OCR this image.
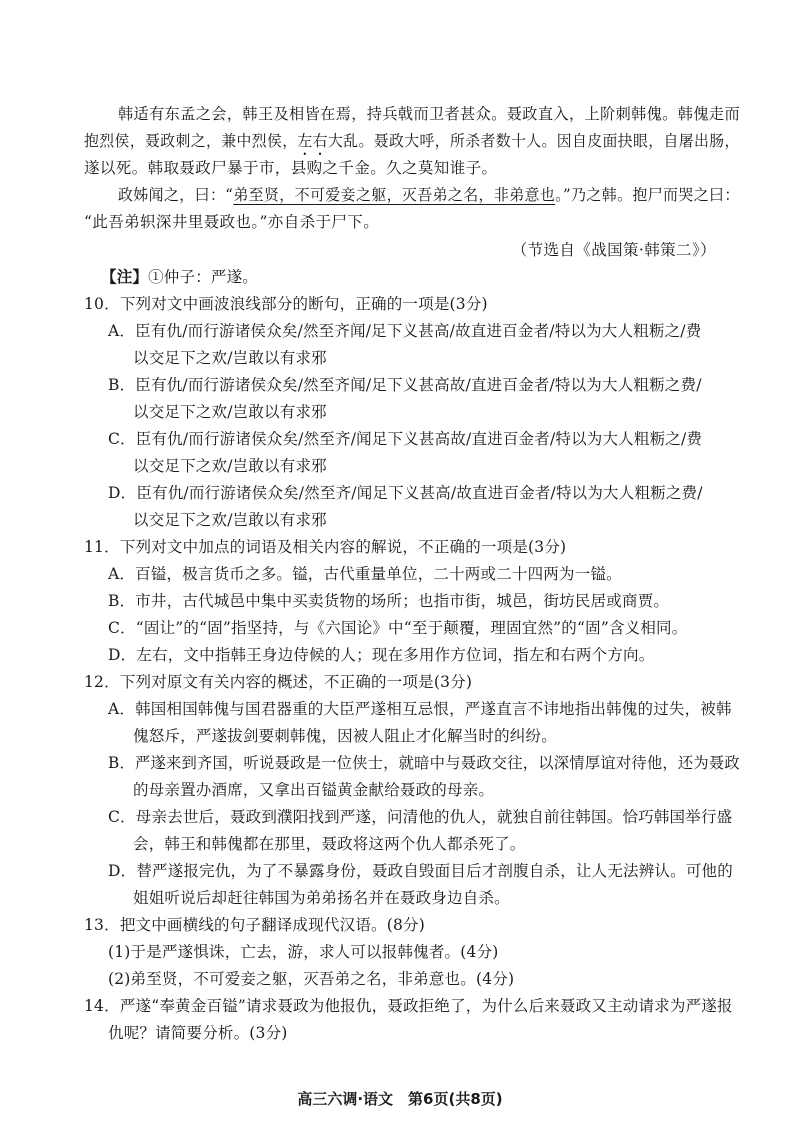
韩适有东孟之会，韩王及相皆在焉，持兵戟而卫者甚众。聂政直入，上阶刺韩傀。韩傀走而
抱烈侯，聂政刺之，兼中烈侯，左右大乱。聂政大呼，所杀者数十人。因自皮面抉眼，自屠出肠，
遂以死。韩取聂政尸暴于市，县购之千金。久之莫知谁子。
政姊闻之，曰：“弟至贤，不可爱妾之躯，灭吾弟之名，非弟意也。”乃之韩。抱尸而哭之曰：
“此吾弟轵深井里聂政也。”亦自杀于尸下。
（节选自《战国策·韩策二》）
【注】①仲子：严遂。
10．下列对文中画波浪线部分的断句，正确的一项是(3分)
A．臣有仇/而行游诸侯众矣/然至齐闻/足下义甚高/故直进百金者/特以为大人粗粝之/费
以交足下之欢/岂敢以有求邪
B．臣有仇/而行游诸侯众矣/然至齐闻/足下义甚高故/直进百金者/特以为大人粗粝之费/
以交足下之欢/岂敢以有求邪
C．臣有仇/而行游诸侯众矣/然至齐/闻足下义甚高故/直进百金者/特以为大人粗粝之/费
以交足下之欢/岂敢以有求邪
D．臣有仇/而行游诸侯众矣/然至齐/闻足下义甚高/故直进百金者/特以为大人粗粝之费/
以交足下之欢/岂敢以有求邪
11．下列对文中加点的词语及相关内容的解说，不正确的一项是(3分)
A．百镒，极言货币之多。镒，古代重量单位，二十两或二十四两为一镒。
B．市井，古代城邑中集中买卖货物的场所；也指市街，城邑，街坊民居或商贾。
C．“固让”的“固”指坚持，与《六国论》中“至于颠覆，理固宜然”的“固”含义相同。
D．左右，文中指韩王身边侍候的人；现在多用作方位词，指左和右两个方向。
12．下列对原文有关内容的概述，不正确的一项是(3分)
A．韩国相国韩傀与国君器重的大臣严遂相互忌恨，严遂直言不讳地指出韩傀的过失，被韩
傀怒斥，严遂拔剑要刺韩傀，因被人阻止才化解当时的纠纷。
B．严遂来到齐国，听说聂政是一位侠士，就暗中与聂政交往，以深情厚谊对待他，还为聂政
的母亲置办酒席，又拿出百镒黄金献给聂政的母亲。
C．母亲去世后，聂政到濮阳找到严遂，问清他的仇人，就独自前往韩国。恰巧韩国举行盛
会，韩王和韩傀都在那里，聂政将这两个仇人都杀死了。
D．替严遂报完仇，为了不暴露身份，聂政自毁面目后才剖腹自杀，让人无法辨认。可他的
姐姐听说后却赶往韩国为弟弟扬名并在聂政身边自杀。
13．把文中画横线的句子翻译成现代汉语。(8分)
(1)于是严遂惧诛，亡去，游，求人可以报韩傀者。(4分)
(2)弟至贤，不可爱妾之躯，灭吾弟之名，非弟意也。(4分)
14．严遂“奉黄金百镒”请求聂政为他报仇，聂政拒绝了，为什么后来聂政又主动请求为严遂报
仇呢？请简要分析。(3分)
高三六调·语文　第6页(共8页)
